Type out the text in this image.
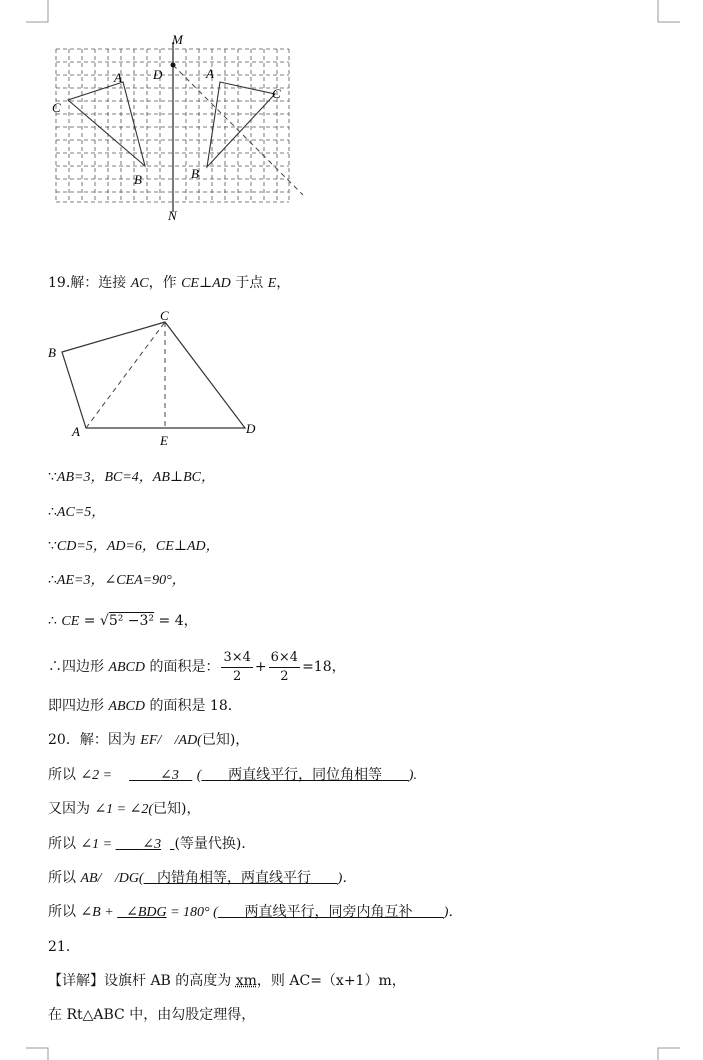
M
N
D
A
C
B
A
C
B
19.解：连接 AC，作 CE⊥AD 于点 E，
C
B
A
E
D
∵AB=3，BC=4，AB⊥BC，
∴AC=5，
∵CD=5，AD=6，CE⊥AD，
∴AE=3，∠CEA=90°，
∴ CE = √5² −3² = 4，
∴四边形 ABCD 的面积是： $\frac{3\times 4}{2} + \frac{6\times 4}{2} =18$，
即四边形 ABCD 的面积是 18．
20．解：因为 EF/ /AD(已知)，
所以 ∠2 =	∠3 ( 两直线平行，同位角相等 ).
又因为 ∠1 = ∠2(已知)，
所以 ∠1 =       ∠3 (等量代换)．
所以 AB/ /DG( 内错角相等，两直线平行 )．
所以 ∠B +   ∠BDG = 180° ( 两直线平行，同旁内角互补 )．
21.
【详解】设旗杆 AB 的高度为 xm，则 AC=（x+1）m，
在 Rt△ABC 中，由勾股定理得，
